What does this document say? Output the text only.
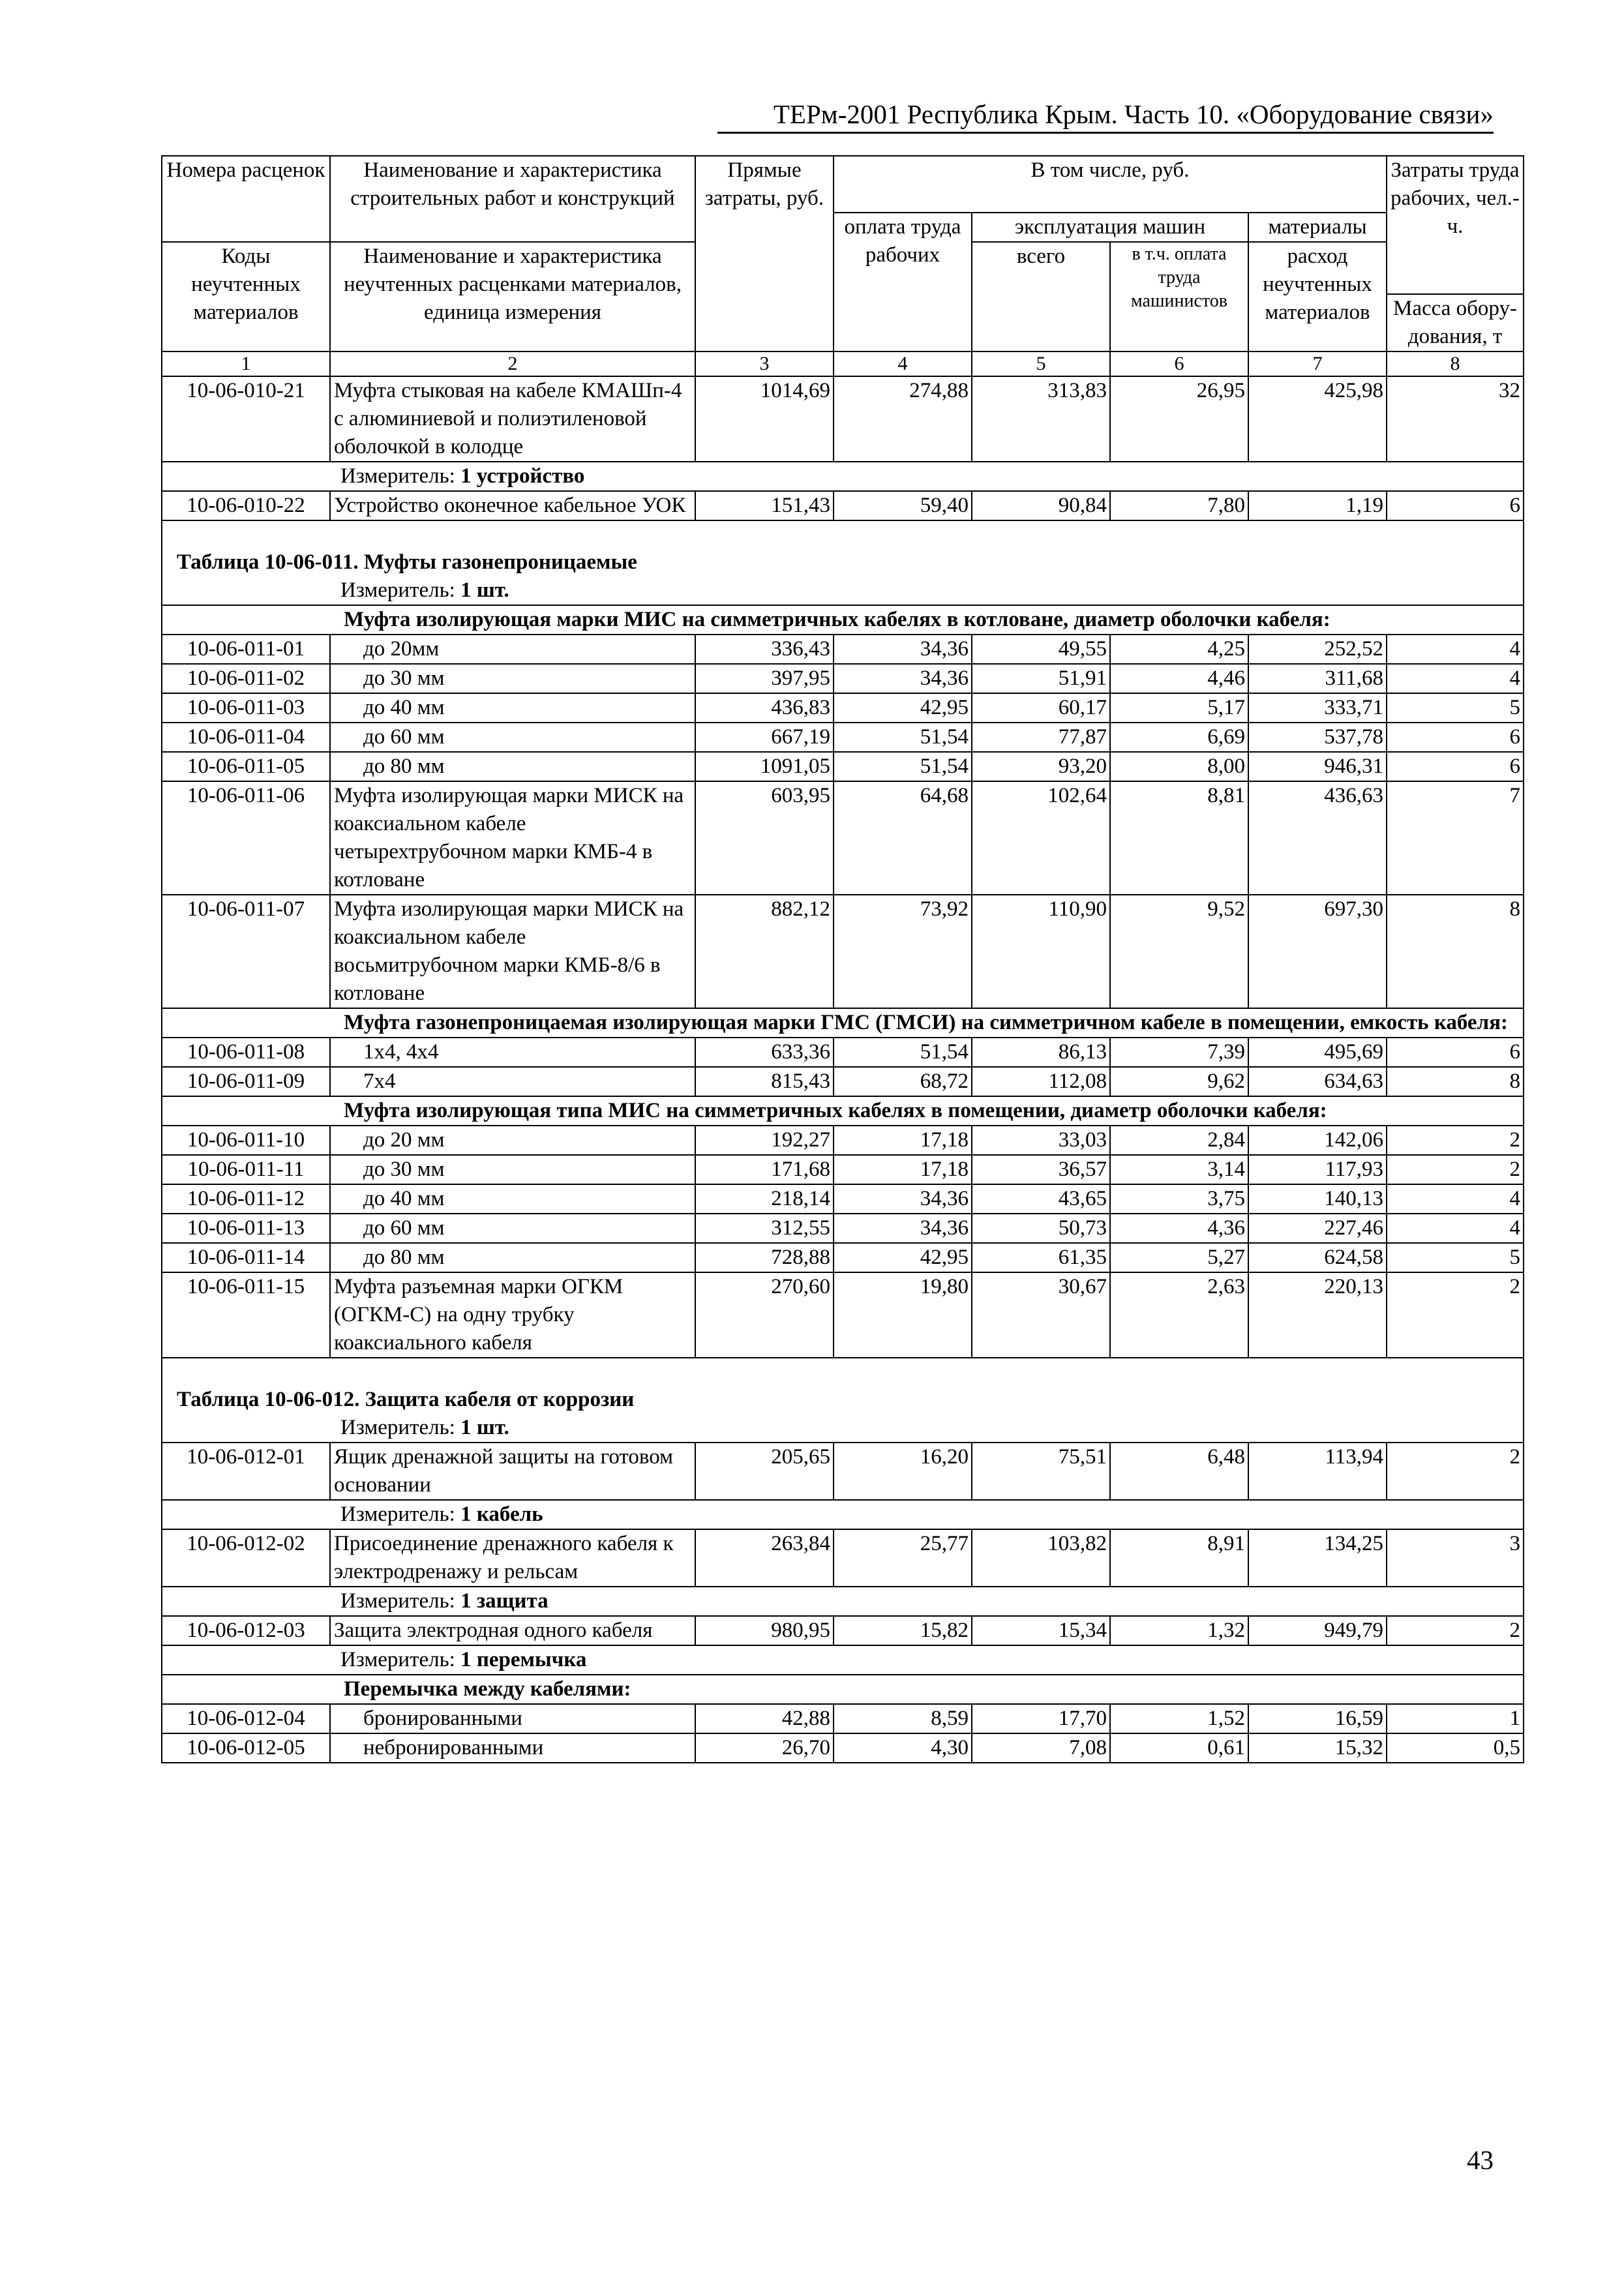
ТЕРм-2001 Республика Крым. Часть 10. «Оборудование связи»
Номера расценок	Наименование и характеристика строительных работ и конструкций	Прямые затраты, руб.	В том числе, руб.				Затраты труда рабочих, чел.-ч.
			оплата труда рабочих	эксплуатация машин		материалы	
Коды неучтенных материалов	Наименование и характеристика неучтенных расценками материалов, единица измерения			всего	в т.ч. оплата труда машинистов	расход неучтенных материалов	
							Масса обору-дования, т
1	2	3	4	5	6	7	8
10-06-010-21	Муфта стыковая на кабеле КМАШп-4 с алюминиевой и полиэтиленовой оболочкой в колодце	1014,69	274,88	313,83	26,95	425,98	32
Измеритель: 1 устройство							
10-06-010-22	Устройство оконечное кабельное УОК	151,43	59,40	90,84	7,80	1,19	6
Таблица 10-06-011. Муфты газонепроницаемые							
Измеритель: 1 шт.							
Муфта изолирующая марки МИС на симметричных кабелях в котловане, диаметр оболочки кабеля:							
10-06-011-01	до 20мм	336,43	34,36	49,55	4,25	252,52	4
10-06-011-02	до 30 мм	397,95	34,36	51,91	4,46	311,68	4
10-06-011-03	до 40 мм	436,83	42,95	60,17	5,17	333,71	5
10-06-011-04	до 60 мм	667,19	51,54	77,87	6,69	537,78	6
10-06-011-05	до 80 мм	1091,05	51,54	93,20	8,00	946,31	6
10-06-011-06	Муфта изолирующая марки МИСК на коаксиальном кабеле четырехтрубочном марки КМБ-4 в котловане	603,95	64,68	102,64	8,81	436,63	7
10-06-011-07	Муфта изолирующая марки МИСК на коаксиальном кабеле восьмитрубочном марки КМБ-8/6 в котловане	882,12	73,92	110,90	9,52	697,30	8
Муфта газонепроницаемая изолирующая марки ГМС (ГМСИ) на симметричном кабеле в помещении, емкость кабеля:							
10-06-011-08	1х4, 4х4	633,36	51,54	86,13	7,39	495,69	6
10-06-011-09	7х4	815,43	68,72	112,08	9,62	634,63	8
Муфта изолирующая типа МИС на симметричных кабелях в помещении, диаметр оболочки кабеля:							
10-06-011-10	до 20 мм	192,27	17,18	33,03	2,84	142,06	2
10-06-011-11	до 30 мм	171,68	17,18	36,57	3,14	117,93	2
10-06-011-12	до 40 мм	218,14	34,36	43,65	3,75	140,13	4
10-06-011-13	до 60 мм	312,55	34,36	50,73	4,36	227,46	4
10-06-011-14	до 80 мм	728,88	42,95	61,35	5,27	624,58	5
10-06-011-15	Муфта разъемная марки ОГКМ (ОГКМ-С) на одну трубку коаксиального кабеля	270,60	19,80	30,67	2,63	220,13	2
Таблица 10-06-012. Защита кабеля от коррозии							
Измеритель: 1 шт.							
10-06-012-01	Ящик дренажной защиты на готовом основании	205,65	16,20	75,51	6,48	113,94	2
Измеритель: 1 кабель							
10-06-012-02	Присоединение дренажного кабеля к электродренажу и рельсам	263,84	25,77	103,82	8,91	134,25	3
Измеритель: 1 защита							
10-06-012-03	Защита электродная одного кабеля	980,95	15,82	15,34	1,32	949,79	2
Измеритель: 1 перемычка							
Перемычка между кабелями:							
10-06-012-04	бронированными	42,88	8,59	17,70	1,52	16,59	1
10-06-012-05	небронированными	26,70	4,30	7,08	0,61	15,32	0,5
43
